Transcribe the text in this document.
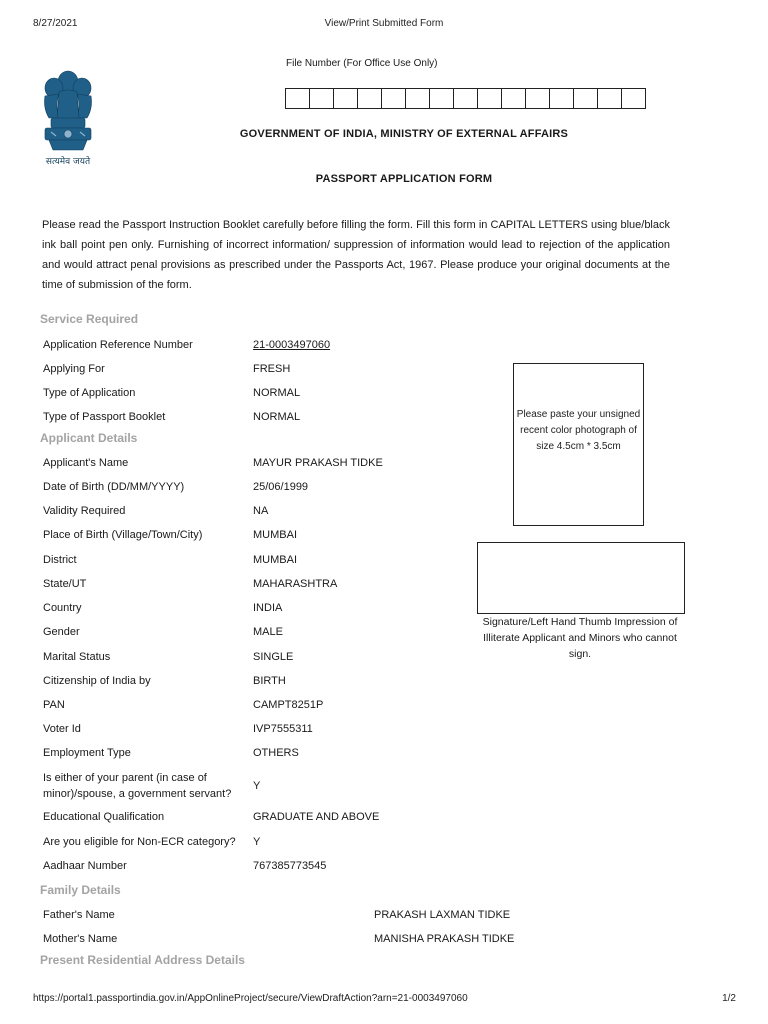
8/27/2021	View/Print Submitted Form
सत्यमेव जयते
File Number (For Office Use Only)
GOVERNMENT OF INDIA, MINISTRY OF EXTERNAL AFFAIRS
PASSPORT APPLICATION FORM
Please read the Passport Instruction Booklet carefully before filling the form. Fill this form in CAPITAL LETTERS using blue/black ink ball point pen only. Furnishing of incorrect information/ suppression of information would lead to rejection of the application and would attract penal provisions as prescribed under the Passports Act, 1967. Please produce your original documents at the time of submission of the form.
Service Required
Application Reference Number	21-0003497060
Applying For	FRESH
Type of Application	NORMAL
Type of Passport Booklet	NORMAL
Applicant Details
Applicant's Name	MAYUR PRAKASH TIDKE
Date of Birth (DD/MM/YYYY)	25/06/1999
Validity Required	NA
Place of Birth (Village/Town/City)	MUMBAI
District	MUMBAI
State/UT	MAHARASHTRA
Country	INDIA
Gender	MALE
Marital Status	SINGLE
Citizenship of India by	BIRTH
PAN	CAMPT8251P
Voter Id	IVP7555311
Employment Type	OTHERS
Is either of your parent (in case of minor)/spouse, a government servant?
Y
Educational Qualification	GRADUATE AND ABOVE
Are you eligible for Non-ECR category?	Y
Aadhaar Number	767385773545
Family Details
Father's Name	PRAKASH LAXMAN TIDKE
Mother's Name	MANISHA PRAKASH TIDKE
Present Residential Address Details
Please paste your unsigned recent color photograph of size 4.5cm * 3.5cm
Signature/Left Hand Thumb Impression of Illiterate Applicant and Minors who cannot sign.
https://portal1.passportindia.gov.in/AppOnlineProject/secure/ViewDraftAction?arn=21-0003497060	1/2
